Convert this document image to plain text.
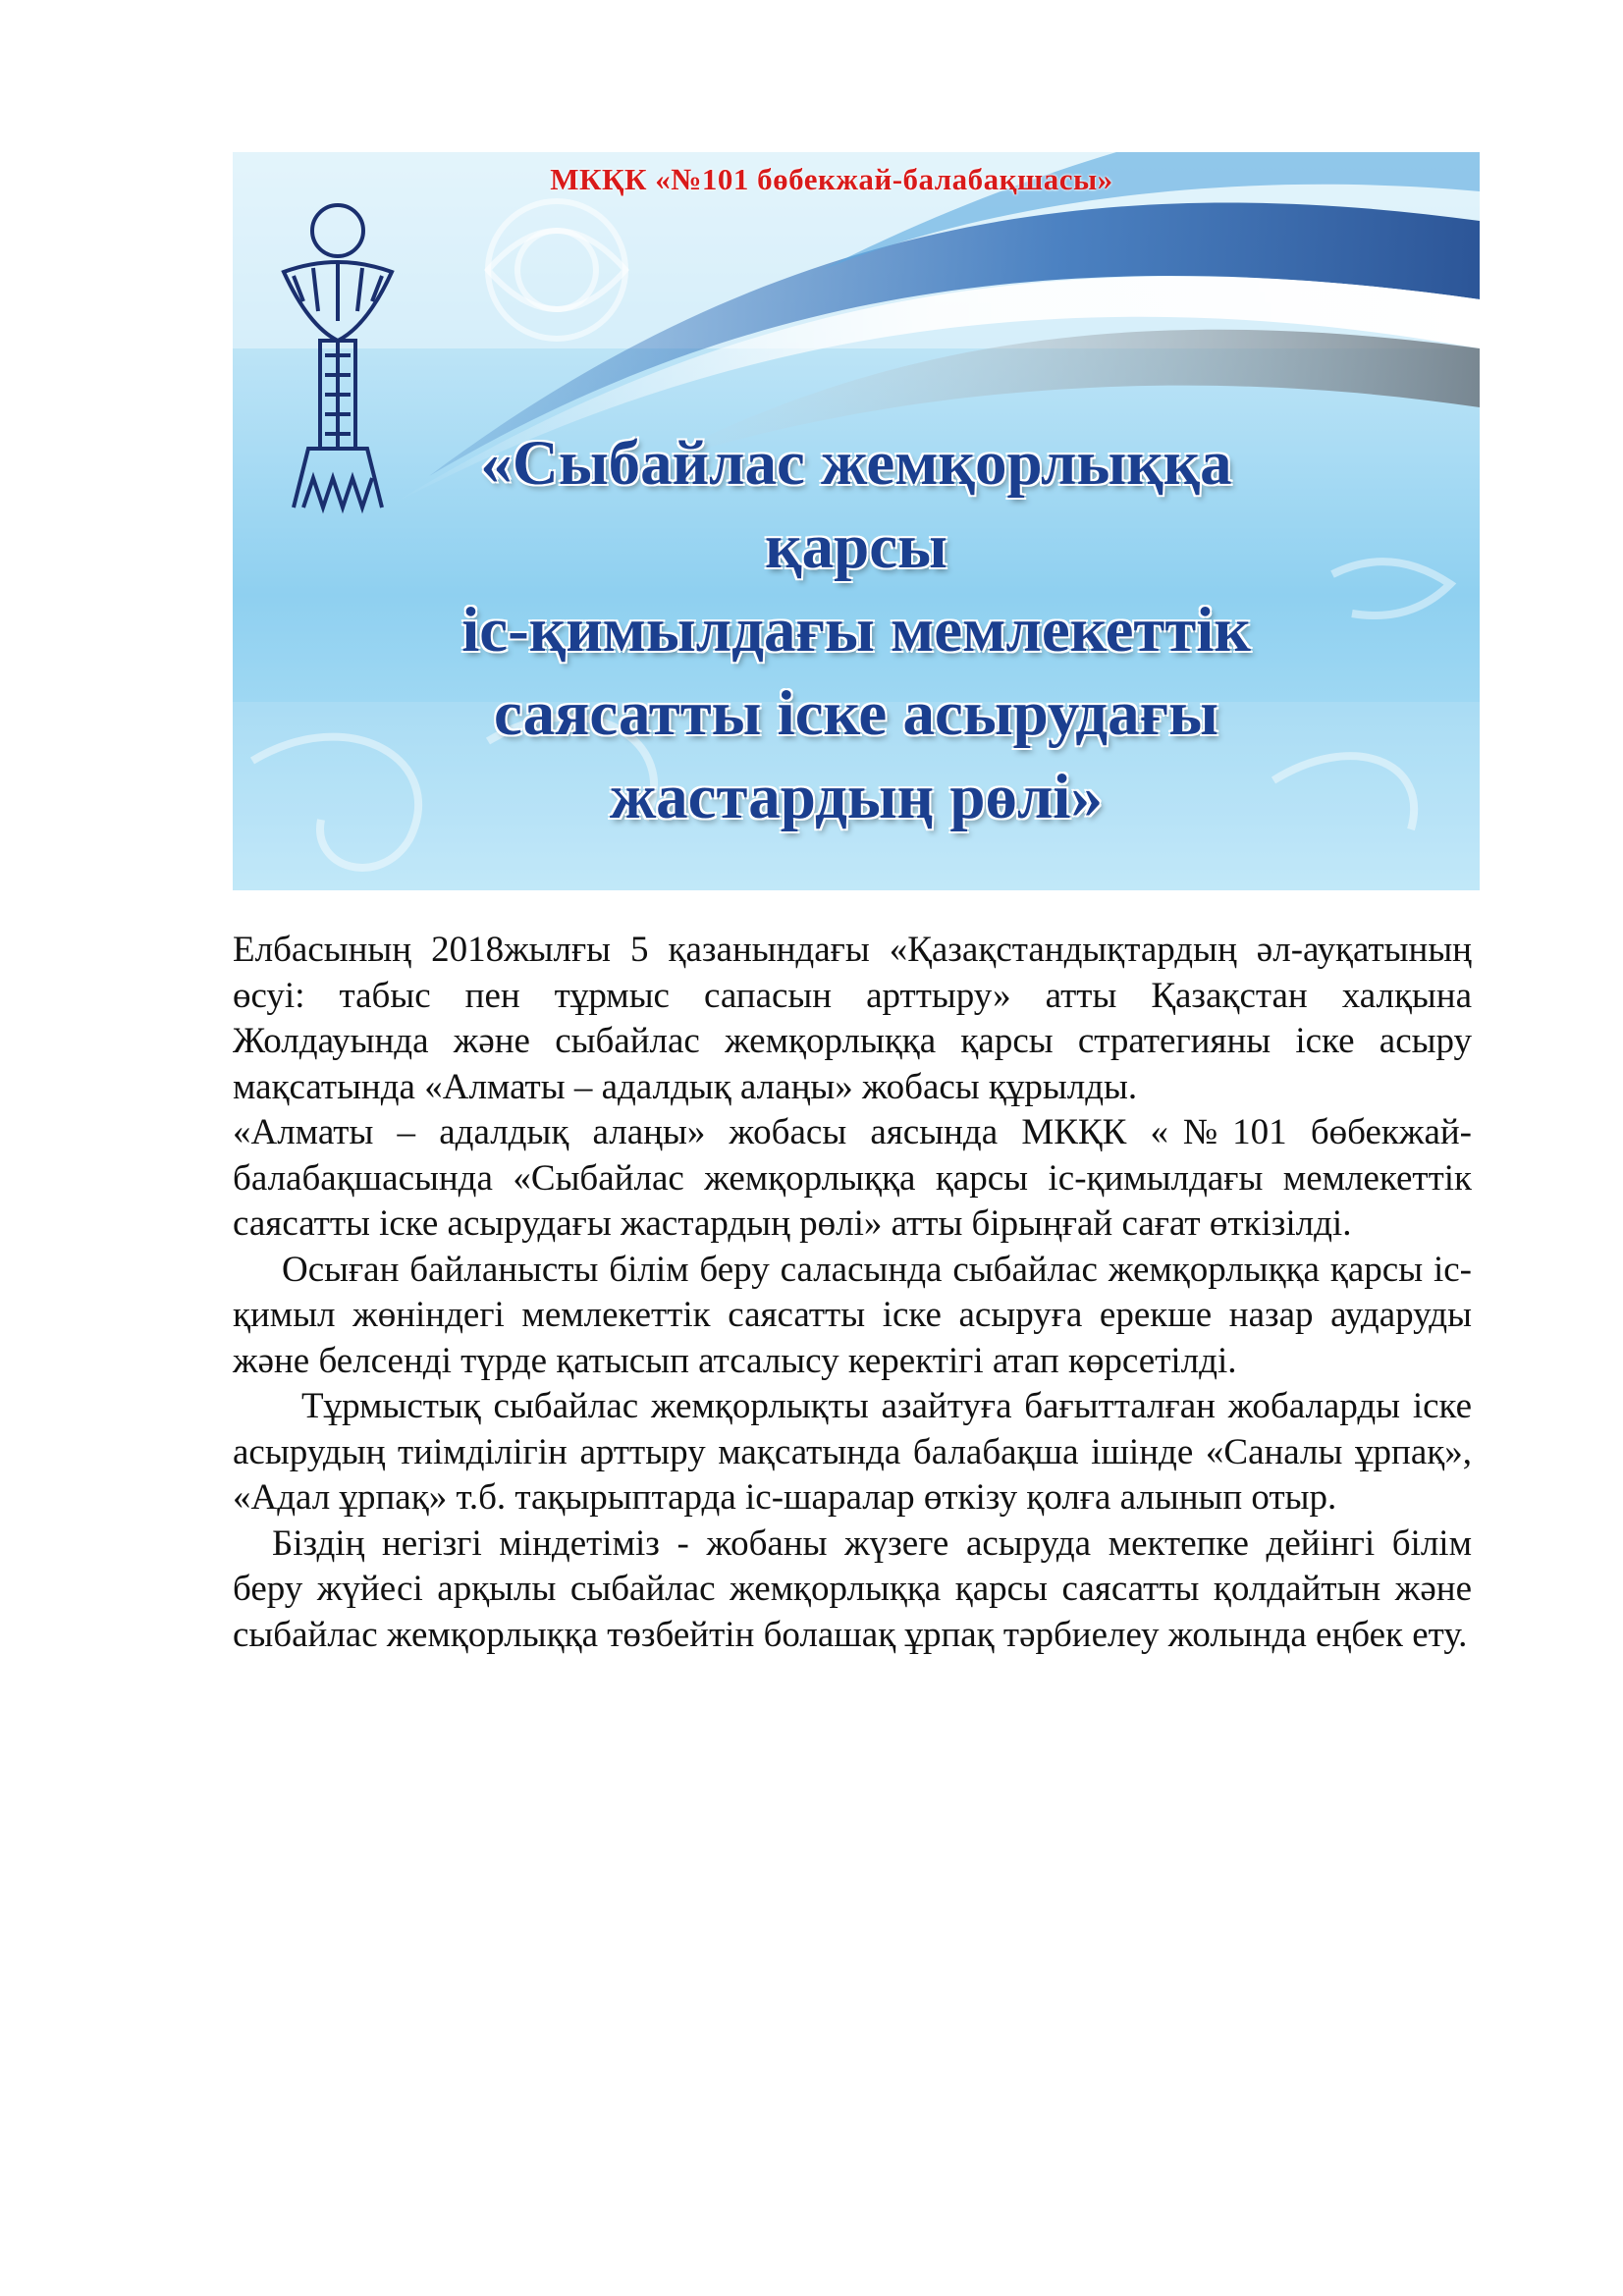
МКҚК «№101 бөбекжай-балабақшасы»
«Сыбайлас жемқорлыққа
қарсы
іс-қимылдағы мемлекеттік
саясатты іске асырудағы
жастардың рөлі»

Елбасының 2018жылғы 5 қазанындағы «Қазақстандықтардың әл-ауқатының өсуі: табыс пен тұрмыс сапасын арттыру» атты Қазақстан халқына Жолдауында және сыбайлас жемқорлыққа қарсы стратегияны іске асыру мақсатында «Алматы – адалдық алаңы» жобасы құрылды.

«Алматы – адалдық алаңы» жобасы аясында МКҚК «№101 бөбекжай-балабақшасында «Сыбайлас жемқорлыққа қарсы іс-қимылдағы мемлекеттік саясатты іске асырудағы жастардың рөлі» атты бірыңғай сағат өткізілді.

Осыған байланысты білім беру саласында сыбайлас жемқорлыққа қарсы іс-қимыл жөніндегі мемлекеттік саясатты іске асыруға ерекше назар аударуды және белсенді түрде қатысып атсалысу керектігі атап көрсетілді.

Тұрмыстық сыбайлас жемқорлықты азайтуға бағытталған жобаларды іске асырудың тиімділігін арттыру мақсатында балабақша ішінде «Саналы ұрпақ», «Адал ұрпақ» т.б. тақырыптарда іс-шаралар өткізу қолға алынып отыр.

Біздің негізгі міндетіміз - жобаны жүзеге асыруда мектепке дейінгі білім беру жүйесі арқылы сыбайлас жемқорлыққа қарсы саясатты қолдайтын және сыбайлас жемқорлыққа төзбейтін болашақ ұрпақ тәрбиелеу жолында еңбек ету.
